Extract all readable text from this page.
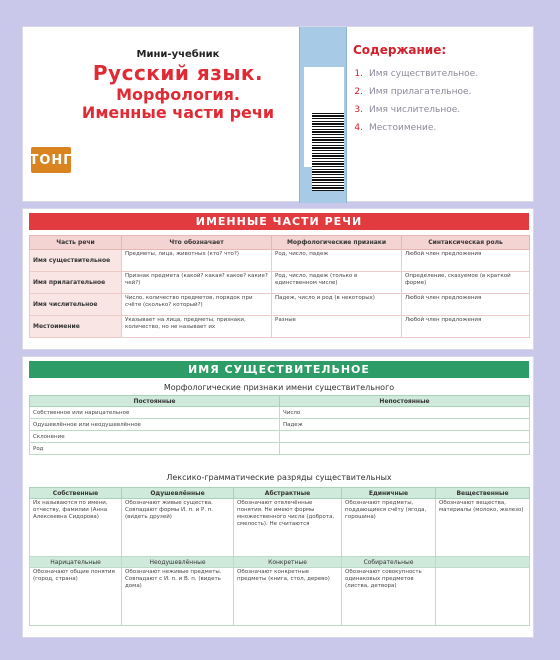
Мини-учебник
Русский язык.
Морфология.
Именные части речи
ТОНГ
Содержание:
1. Имя существительное.
2. Имя прилагательное.
3. Имя числительное.
4. Местоимение.
ИМЕННЫЕ ЧАСТИ РЕЧИ
Часть речи	Что обозначает	Морфологические признаки	Синтаксическая роль
Имя существительное	Предметы, лица, животных (кто? что?)	Род, число, падеж	Любой член предложения
Имя прилагательное	Признак предмета (какой? какая? какое? какие? чей?)	Род, число, падеж (только в единственном числе)	Определение, сказуемое (в краткой форме)
Имя числительное	Число, количество предметов, порядок при счёте (сколько? который?)	Падеж, число и род (в некоторых)	Любой член предложения
Местоимение	Указывает на лица, предметы, признаки, количество, но не называет их	Разные	Любой член предложения
ИМЯ СУЩЕСТВИТЕЛЬНОЕ
Морфологические признаки имени существительного
Постоянные	Непостоянные
Собственное или нарицательное	Число
Одушевлённое или неодушевлённое	Падеж
Склонение	
Род	
Лексико-грамматические разряды существительных
Собственные	Одушевлённые	Абстрактные	Единичные	Вещественные
Их называются по имени, отчеству, фамилии (Анна Алексеевна Сидорова)	Обозначают живые существа. Совпадают формы И. п. и Р. п. (видеть друзей)	Обозначают отвлечённые понятия. Не имеют формы множественного числа (доброта, смелость). Не считаются	Обозначают предметы, поддающиеся счёту (ягода, горошина)	Обозначают вещества, материалы (молоко, железо)
Нарицательные	Неодушевлённые	Конкретные	Собирательные	
Обозначают общие понятия (город, страна)	Обозначают неживые предметы. Совпадают с И. п. и В. п. (видеть дома)	Обозначают конкретные предметы (книга, стол, дерево)	Обозначают совокупность одинаковых предметов (листва, детвора)	
